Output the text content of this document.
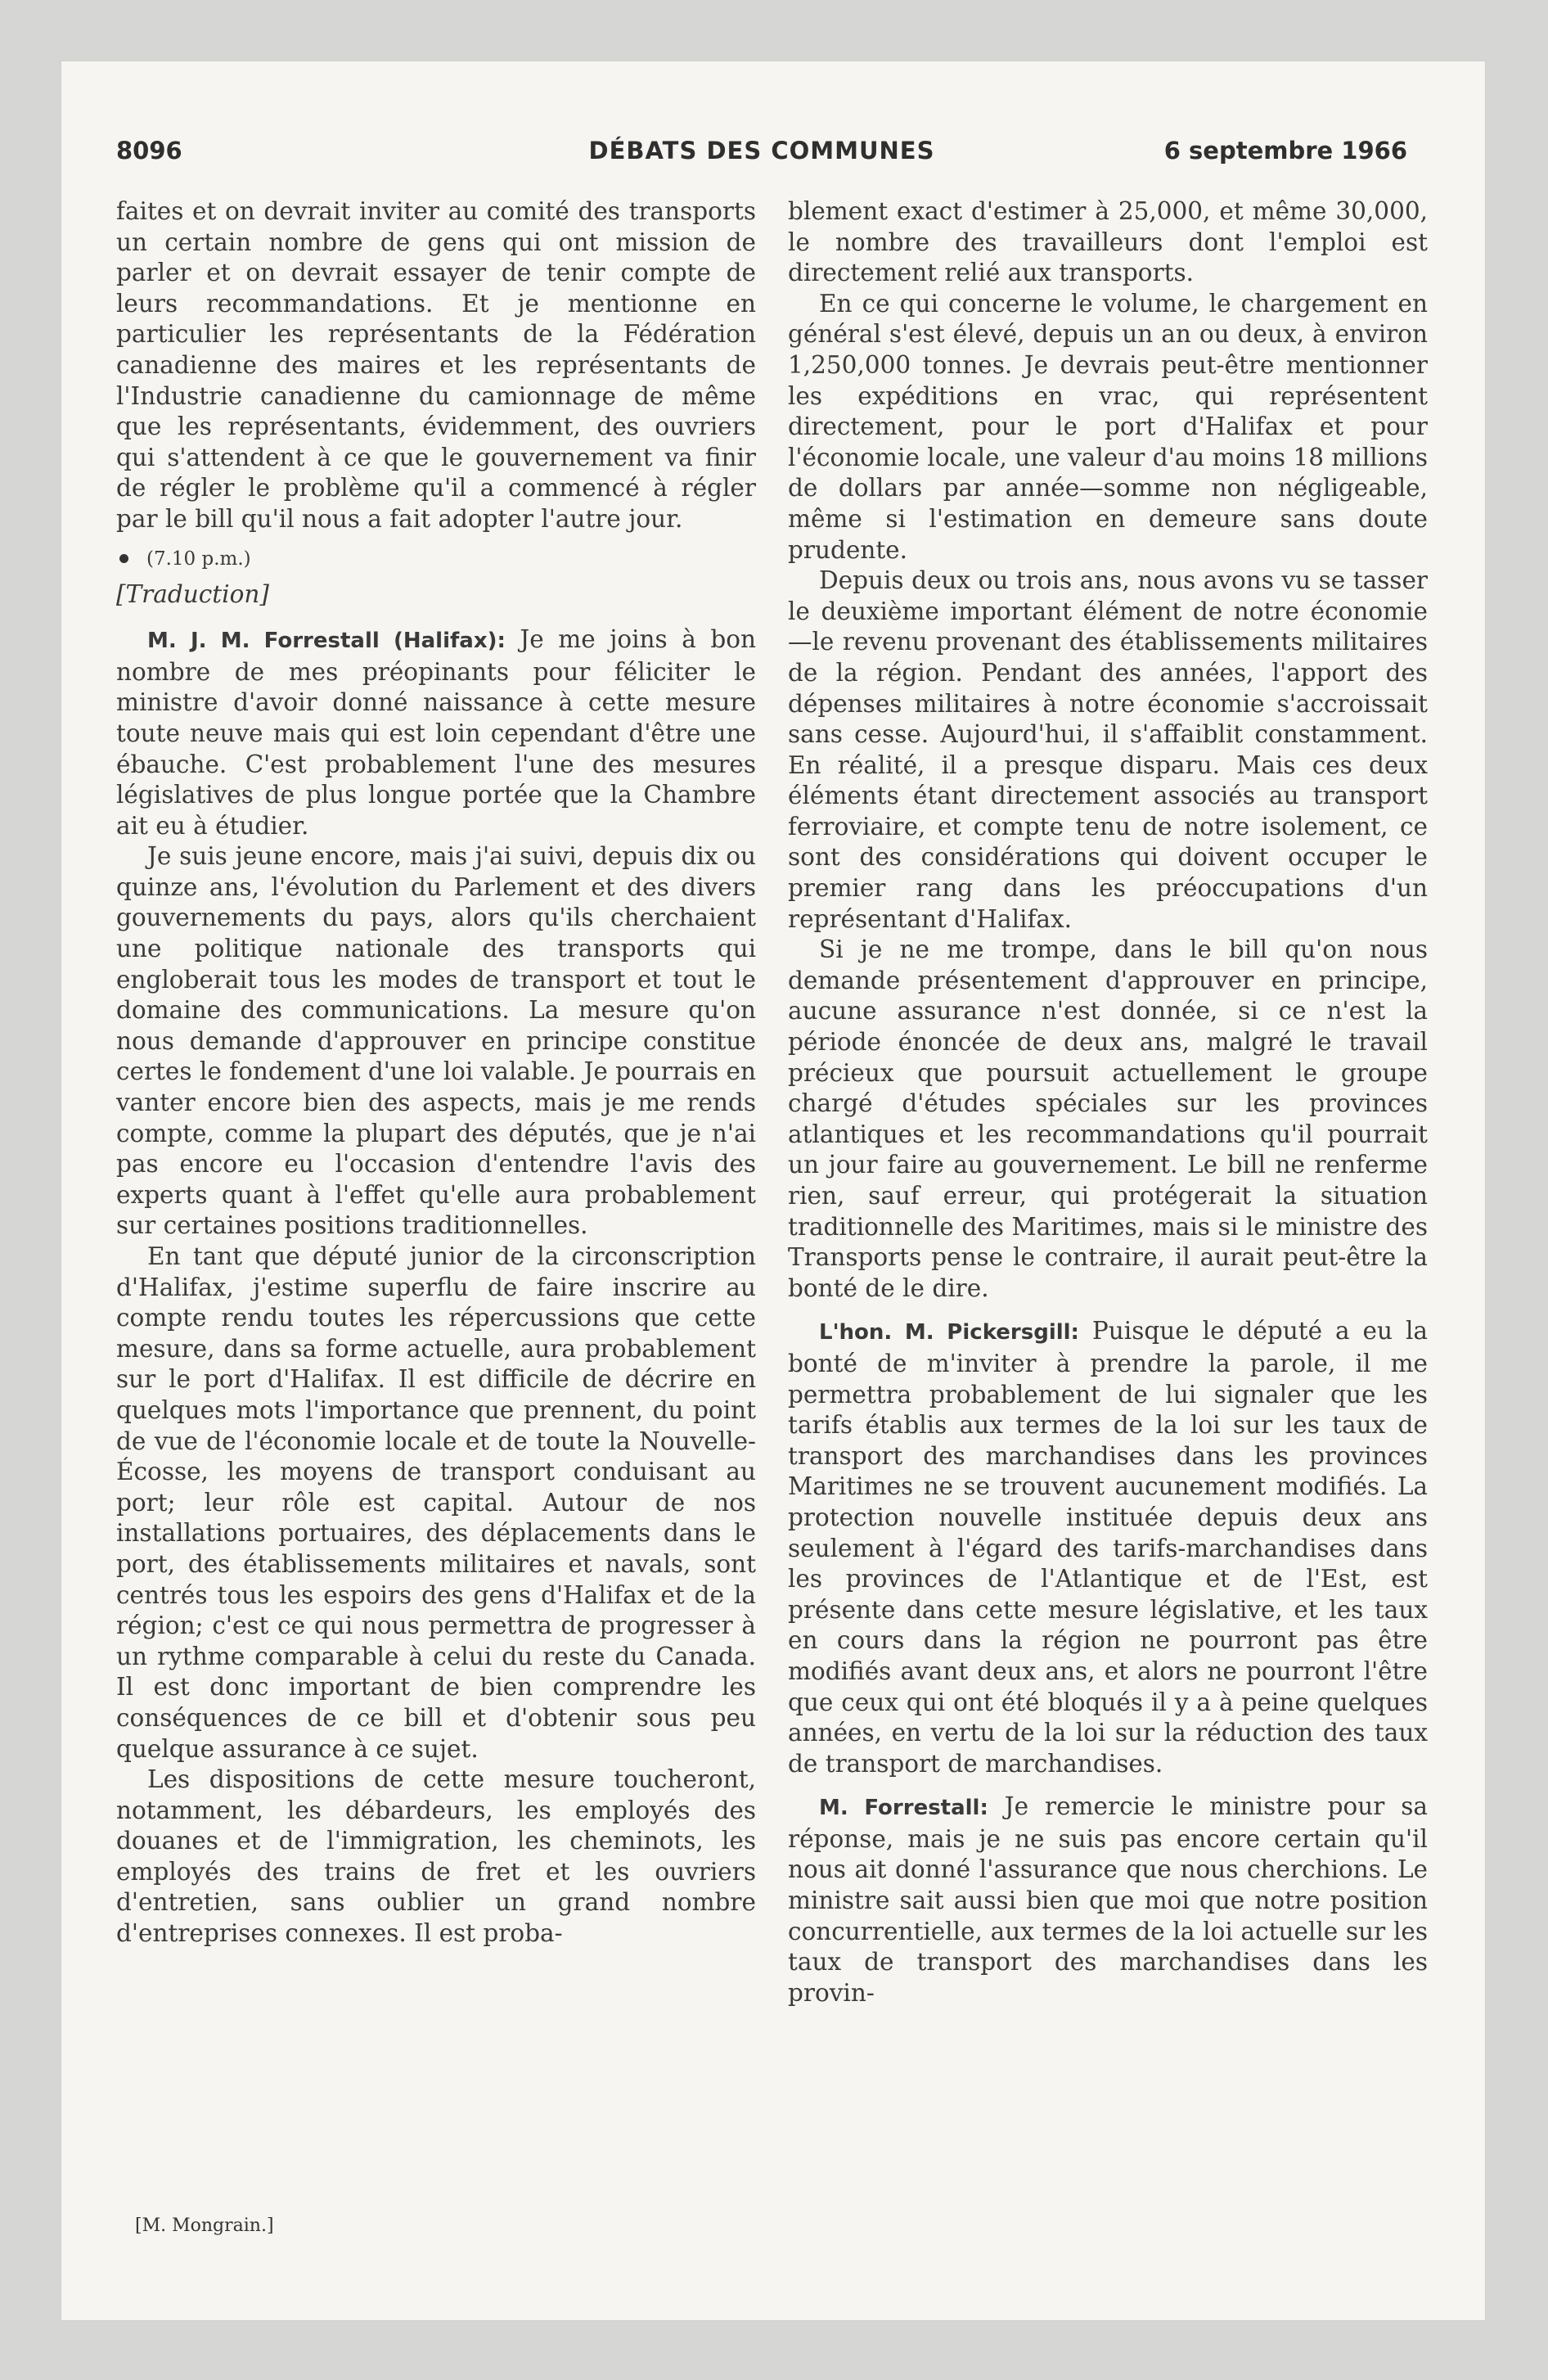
8096	DÉBATS DES COMMUNES	6 septembre 1966

faites et on devrait inviter au comité des transports un certain nombre de gens qui ont mission de parler et on devrait essayer de tenir compte de leurs recommandations. Et je mentionne en particulier les représentants de la Fédération canadienne des maires et les représentants de l'Industrie canadienne du camionnage de même que les représentants, évidemment, des ouvriers qui s'attendent à ce que le gouvernement va finir de régler le problème qu'il a commencé à régler par le bill qu'il nous a fait adopter l'autre jour.

(7.10 p.m.)
[Traduction]

M. J. M. Forrestall (Halifax): Je me joins à bon nombre de mes préopinants pour féliciter le ministre d'avoir donné naissance à cette mesure toute neuve mais qui est loin cependant d'être une ébauche. C'est probablement l'une des mesures législatives de plus longue portée que la Chambre ait eu à étudier.

Je suis jeune encore, mais j'ai suivi, depuis dix ou quinze ans, l'évolution du Parlement et des divers gouvernements du pays, alors qu'ils cherchaient une politique nationale des transports qui engloberait tous les modes de transport et tout le domaine des communications. La mesure qu'on nous demande d'approuver en principe constitue certes le fondement d'une loi valable. Je pourrais en vanter encore bien des aspects, mais je me rends compte, comme la plupart des députés, que je n'ai pas encore eu l'occasion d'entendre l'avis des experts quant à l'effet qu'elle aura probablement sur certaines positions traditionnelles.

En tant que député junior de la circonscription d'Halifax, j'estime superflu de faire inscrire au compte rendu toutes les répercussions que cette mesure, dans sa forme actuelle, aura probablement sur le port d'Halifax. Il est difficile de décrire en quelques mots l'importance que prennent, du point de vue de l'économie locale et de toute la Nouvelle-Écosse, les moyens de transport conduisant au port; leur rôle est capital. Autour de nos installations portuaires, des déplacements dans le port, des établissements militaires et navals, sont centrés tous les espoirs des gens d'Halifax et de la région; c'est ce qui nous permettra de progresser à un rythme comparable à celui du reste du Canada. Il est donc important de bien comprendre les conséquences de ce bill et d'obtenir sous peu quelque assurance à ce sujet.

Les dispositions de cette mesure toucheront, notamment, les débardeurs, les employés des douanes et de l'immigration, les cheminots, les employés des trains de fret et les ouvriers d'entretien, sans oublier un grand nombre d'entreprises connexes. Il est proba-

blement exact d'estimer à 25,000, et même 30,000, le nombre des travailleurs dont l'emploi est directement relié aux transports.

En ce qui concerne le volume, le chargement en général s'est élevé, depuis un an ou deux, à environ 1,250,000 tonnes. Je devrais peut-être mentionner les expéditions en vrac, qui représentent directement, pour le port d'Halifax et pour l'économie locale, une valeur d'au moins 18 millions de dollars par année—somme non négligeable, même si l'estimation en demeure sans doute prudente.

Depuis deux ou trois ans, nous avons vu se tasser le deuxième important élément de notre économie—le revenu provenant des établissements militaires de la région. Pendant des années, l'apport des dépenses militaires à notre économie s'accroissait sans cesse. Aujourd'hui, il s'affaiblit constamment. En réalité, il a presque disparu. Mais ces deux éléments étant directement associés au transport ferroviaire, et compte tenu de notre isolement, ce sont des considérations qui doivent occuper le premier rang dans les préoccupations d'un représentant d'Halifax.

Si je ne me trompe, dans le bill qu'on nous demande présentement d'approuver en principe, aucune assurance n'est donnée, si ce n'est la période énoncée de deux ans, malgré le travail précieux que poursuit actuellement le groupe chargé d'études spéciales sur les provinces atlantiques et les recommandations qu'il pourrait un jour faire au gouvernement. Le bill ne renferme rien, sauf erreur, qui protégerait la situation traditionnelle des Maritimes, mais si le ministre des Transports pense le contraire, il aurait peut-être la bonté de le dire.

L'hon. M. Pickersgill: Puisque le député a eu la bonté de m'inviter à prendre la parole, il me permettra probablement de lui signaler que les tarifs établis aux termes de la loi sur les taux de transport des marchandises dans les provinces Maritimes ne se trouvent aucunement modifiés. La protection nouvelle instituée depuis deux ans seulement à l'égard des tarifs-marchandises dans les provinces de l'Atlantique et de l'Est, est présente dans cette mesure législative, et les taux en cours dans la région ne pourront pas être modifiés avant deux ans, et alors ne pourront l'être que ceux qui ont été bloqués il y a à peine quelques années, en vertu de la loi sur la réduction des taux de transport de marchandises.

M. Forrestall: Je remercie le ministre pour sa réponse, mais je ne suis pas encore certain qu'il nous ait donné l'assurance que nous cherchions. Le ministre sait aussi bien que moi que notre position concurrentielle, aux termes de la loi actuelle sur les taux de transport des marchandises dans les provin-

[M. Mongrain.]
